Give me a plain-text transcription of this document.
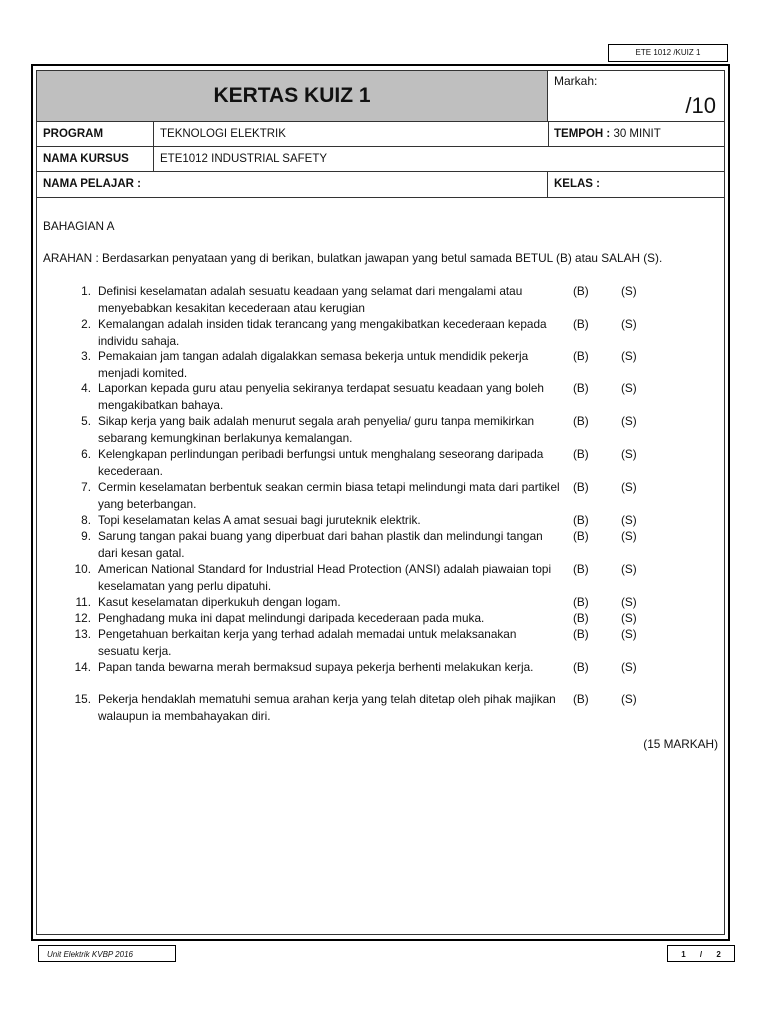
ETE 1012 /KUIZ 1
KERTAS KUIZ 1
Markah:
/10
PROGRAM	TEKNOLOGI ELEKTRIK	TEMPOH : 30 MINIT
NAMA KURSUS	ETE1012 INDUSTRIAL SAFETY
NAMA PELAJAR :	KELAS :
BAHAGIAN A
ARAHAN : Berdasarkan penyataan yang di berikan, bulatkan jawapan yang betul samada BETUL (B) atau SALAH (S).
1. Definisi keselamatan adalah sesuatu keadaan yang selamat dari mengalami atau menyebabkan kesakitan kecederaan atau kerugian
(B)	(S)
2. Kemalangan adalah insiden tidak terancang yang mengakibatkan kecederaan kepada individu sahaja.
(B)	(S)
3. Pemakaian jam tangan adalah digalakkan semasa bekerja untuk mendidik pekerja menjadi komited.
(B)	(S)
4. Laporkan kepada guru atau penyelia sekiranya terdapat sesuatu keadaan yang boleh mengakibatkan bahaya.
(B)	(S)
5. Sikap kerja yang baik adalah menurut segala arah penyelia/ guru tanpa memikirkan sebarang kemungkinan berlakunya kemalangan.
(B)	(S)
6. Kelengkapan perlindungan peribadi berfungsi untuk menghalang seseorang daripada kecederaan.
(B)	(S)
7. Cermin keselamatan berbentuk seakan cermin biasa tetapi melindungi mata dari partikel yang beterbangan.
(B)	(S)
8. Topi keselamatan kelas A amat sesuai bagi juruteknik elektrik.	(B)	(S)
9. Sarung tangan pakai buang yang diperbuat dari bahan plastik dan melindungi tangan dari kesan gatal.
(B)	(S)
10. American National Standard for Industrial Head Protection (ANSI) adalah piawaian topi keselamatan yang perlu dipatuhi.
(B)	(S)
11. Kasut keselamatan diperkukuh dengan logam.	(B)	(S)
12. Penghadang muka ini dapat melindungi daripada kecederaan pada muka.	(B)	(S)
13. Pengetahuan berkaitan kerja yang terhad adalah memadai untuk melaksanakan sesuatu kerja.
(B)	(S)
14. Papan tanda bewarna merah bermaksud supaya pekerja berhenti melakukan kerja.	(B)	(S)
15. Pekerja hendaklah mematuhi semua arahan kerja yang telah ditetap oleh pihak majikan walaupun ia membahayakan diri.
(B)	(S)
(15 MARKAH)
Unit Elektrik KVBP 2016	1 / 2
